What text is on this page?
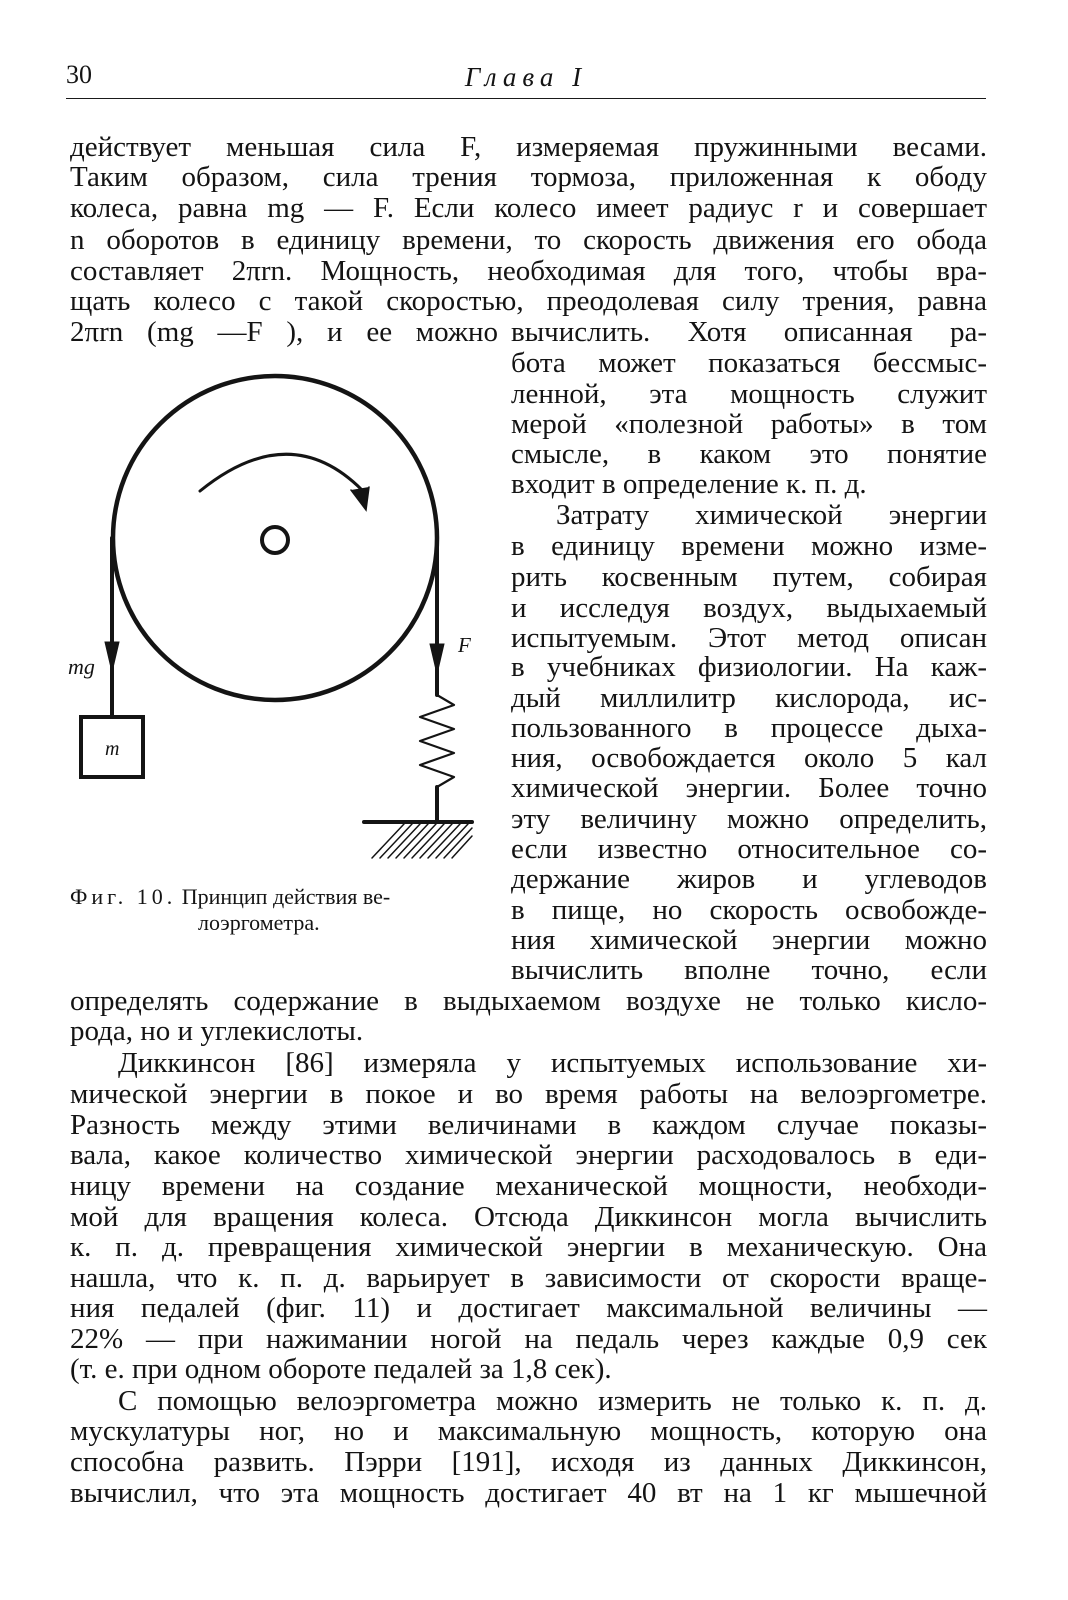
30	Глава I
действует меньшая сила F, измеряемая пружинными весами.
Таким образом, сила трения тормоза, приложенная к ободу
колеса, равна mg — F. Если колесо имеет радиус r и совершает
n оборотов в единицу времени, то скорость движения его обода
составляет 2πrn. Мощность, необходимая для того, чтобы вра-
щать колесо с такой скоростью, преодолевая силу трения, равна
2πrn (mg —F ), и ее можно вычислить. Хотя описанная ра-
бота может показаться бессмыс-
ленной, эта мощность служит
мерой «полезной работы» в том
смысле, в каком это понятие
входит в определение к. п. д.
Затрату химической энергии
в единицу времени можно изме-
рить косвенным путем, собирая
и исследуя воздух, выдыхаемый
испытуемым. Этот метод описан
в учебниках физиологии. На каж-
дый миллилитр кислорода, ис-
пользованного в процессе дыха-
ния, освобождается около 5 кал
химической энергии. Более точно
эту величину можно определить,
если известно относительное со-
держание жиров и углеводов
в пище, но скорость освобожде-
ния химической энергии можно
вычислить вполне точно, если
определять содержание в выдыхаемом воздухе не только кисло-
рода, но и углекислоты.
Диккинсон [86] измеряла у испытуемых использование хи-
мической энергии в покое и во время работы на велоэргометре.
Разность между этими величинами в каждом случае показы-
вала, какое количество химической энергии расходовалось в еди-
ницу времени на создание механической мощности, необходи-
мой для вращения колеса. Отсюда Диккинсон могла вычислить
к. п. д. превращения химической энергии в механическую. Она
нашла, что к. п. д. варьирует в зависимости от скорости враще-
ния педалей (фиг. 11) и достигает максимальной величины —
22% — при нажимании ногой на педаль через каждые 0,9 сек
(т. е. при одном обороте педалей за 1,8 сек).
С помощью велоэргометра можно измерить не только к. п. д.
мускулатуры ног, но и максимальную мощность, которую она
способна развить. Пэрри [191], исходя из данных Диккинсон,
вычислил, что эта мощность достигает 40 вт на 1 кг мышечной
mg
F
m
Фиг. 10. Принцип действия ве-
лоэргометра.
